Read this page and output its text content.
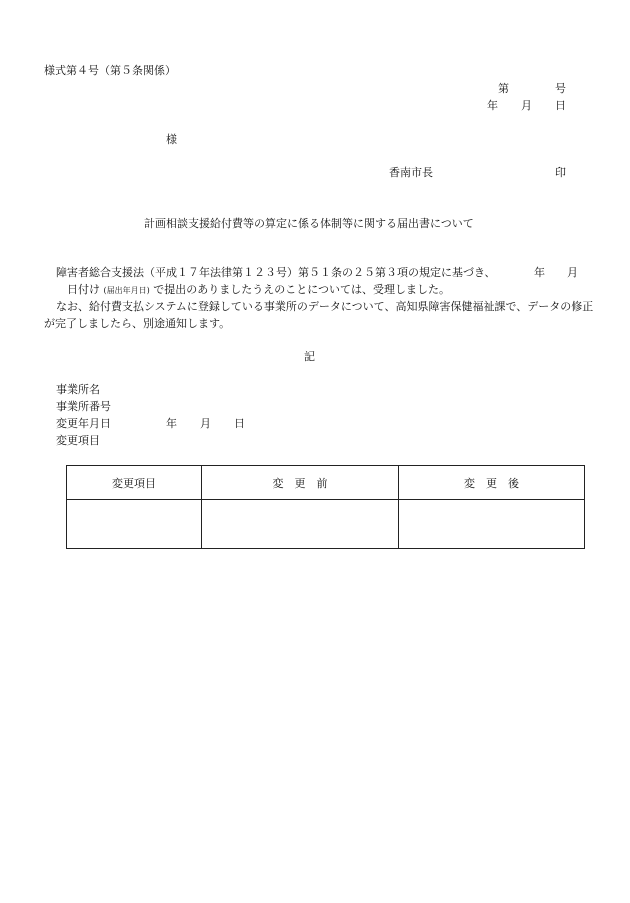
様式第４号（第５条関係）
第	号
年 月 日
様
香南市長	印
計画相談支援給付費等の算定に係る体制等に関する届出書について
障害者総合支援法（平成１７年法律第１２３号）第５１条の２５第３項の規定に基づき、	年 月
日付け (届出年月日) で提出のありましたうえのことについては、受理しました。
なお、給付費支払システムに登録している事業所のデータについて、高知県障害保健福祉課で、データの修正
が完了しましたら、別途通知します。
記
事業所名
事業所番号
変更年月日	年 月 日
変更項目
変更項目	変　更　前	変　更　後
